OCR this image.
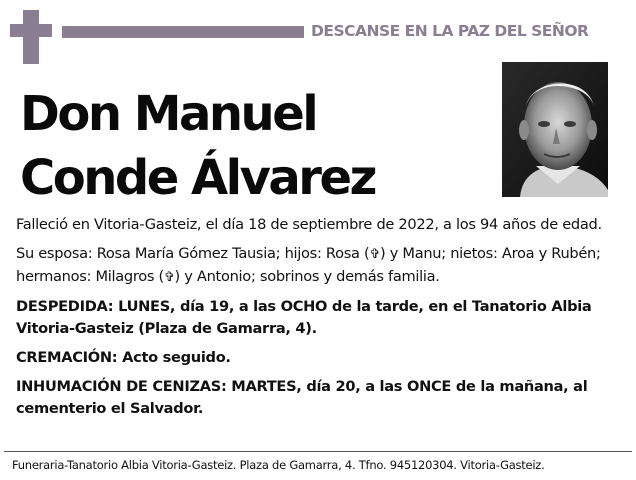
DESCANSE EN LA PAZ DEL SEÑOR
Don Manuel
Conde Álvarez

Falleció en Vitoria-Gasteiz, el día 18 de septiembre de 2022, a los 94 años de edad.

Su esposa: Rosa María Gómez Tausia; hijos: Rosa (✞) y Manu; nietos: Aroa y Rubén; hermanos: Milagros (✞) y Antonio; sobrinos y demás familia.

DESPEDIDA: LUNES, día 19, a las OCHO de la tarde, en el Tanatorio Albia Vitoria-Gasteiz (Plaza de Gamarra, 4).

CREMACIÓN: Acto seguido.

INHUMACIÓN DE CENIZAS: MARTES, día 20, a las ONCE de la mañana, al cementerio el Salvador.

Funeraria-Tanatorio Albia Vitoria-Gasteiz. Plaza de Gamarra, 4. Tfno. 945120304. Vitoria-Gasteiz.
